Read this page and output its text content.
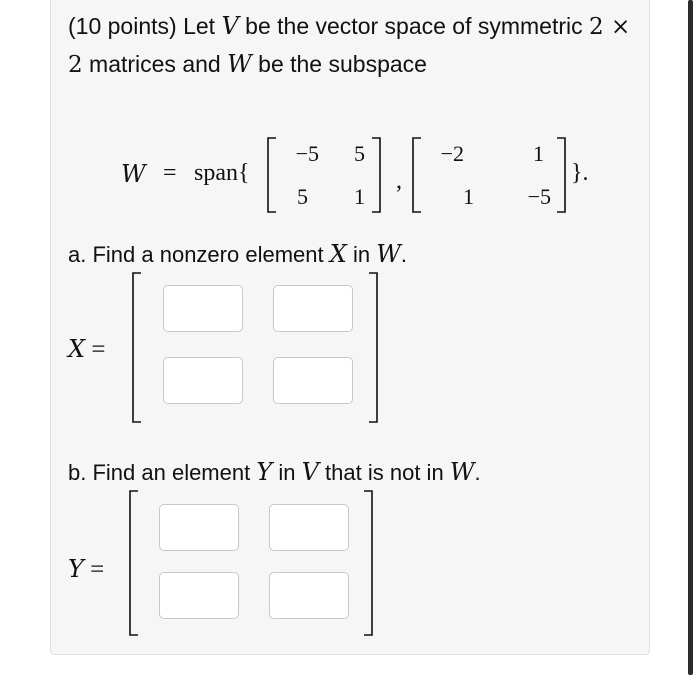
(10 points) Let V be the vector space of symmetric 2 × 2 matrices and W be the subspace
W = span{
−5	5
5	1
,
−2	1
1	−5
}.
a. Find a nonzero element X in W.
X =
b. Find an element Y in V that is not in W.
Y =
